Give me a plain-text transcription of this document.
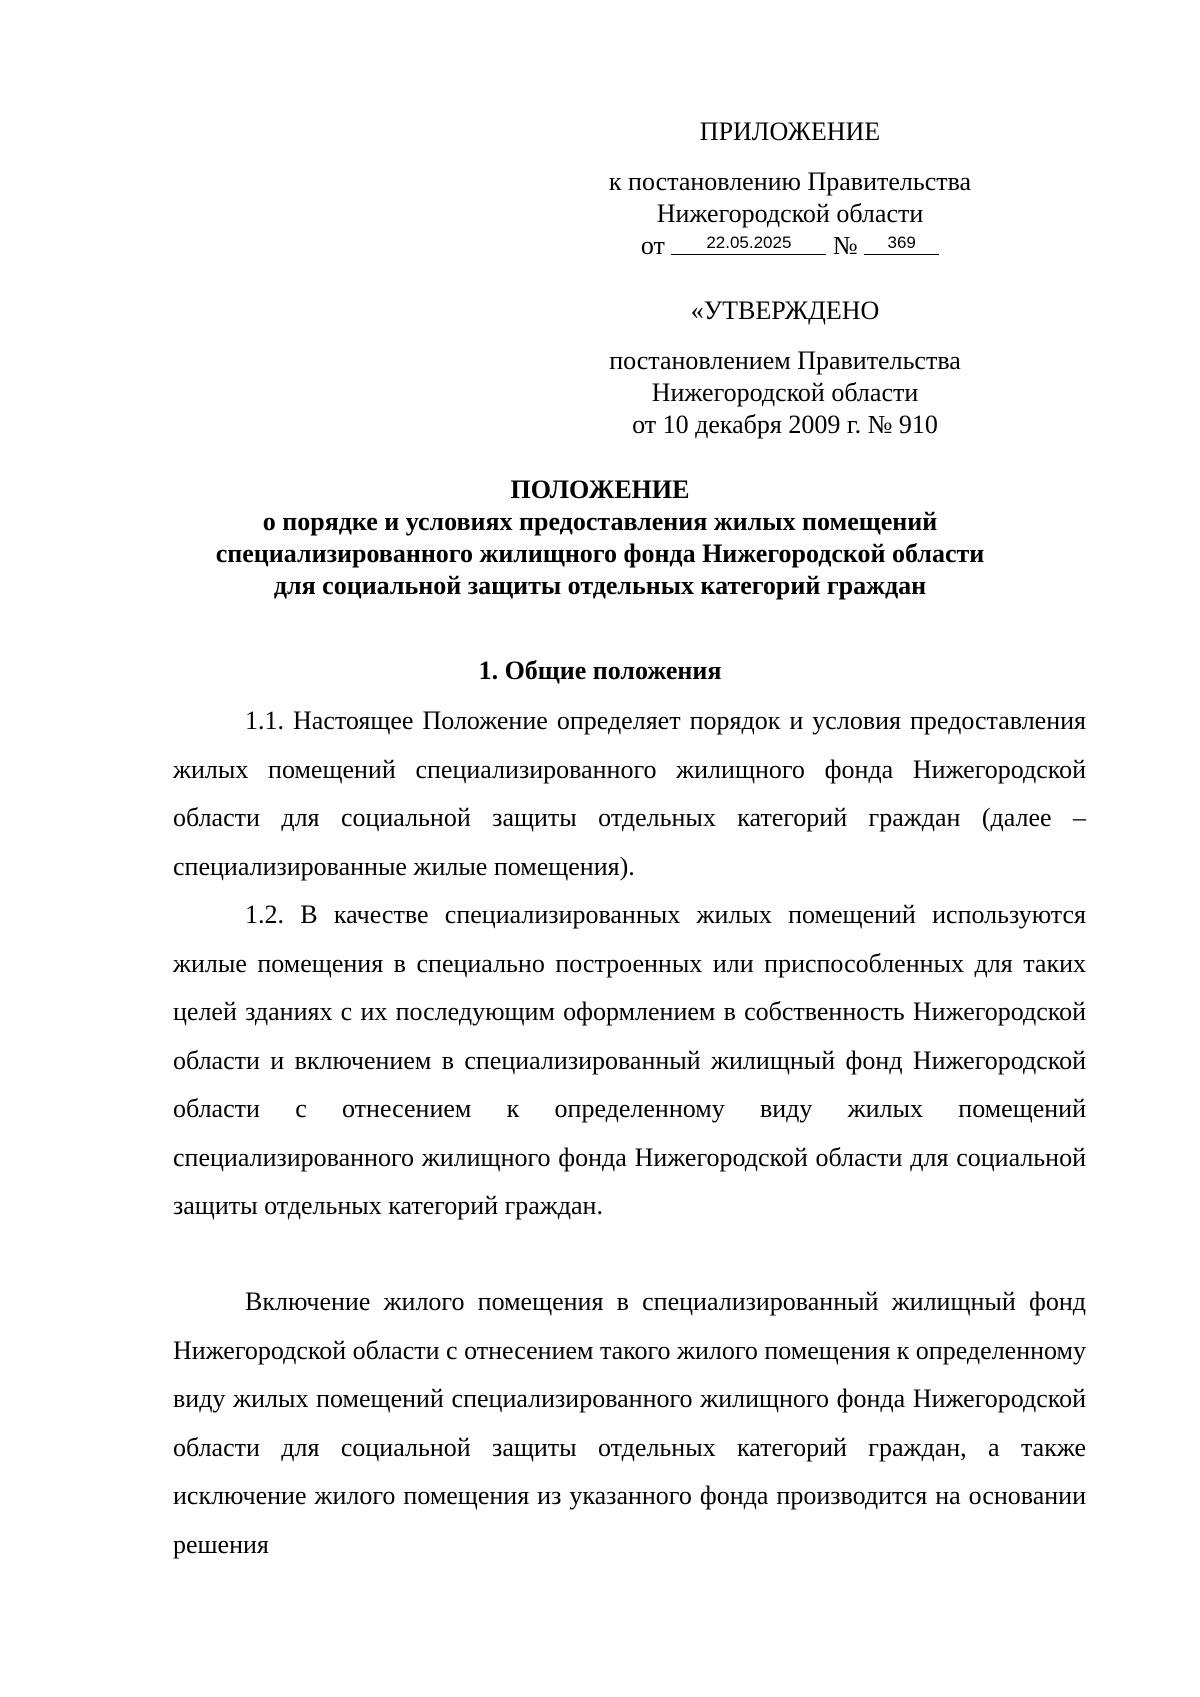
ПРИЛОЖЕНИЕ
к постановлению Правительства
Нижегородской области
от 22.05.2025 № 369
«УТВЕРЖДЕНО
постановлением Правительства
Нижегородской области
от 10 декабря 2009 г. № 910
ПОЛОЖЕНИЕ
о порядке и условиях предоставления жилых помещений
специализированного жилищного фонда Нижегородской области
для социальной защиты отдельных категорий граждан
1. Общие положения

1.1. Настоящее Положение определяет порядок и условия предоставления жилых помещений специализированного жилищного фонда Нижегородской области для социальной защиты отдельных категорий граждан (далее – специализированные жилые помещения).

1.2. В качестве специализированных жилых помещений используются жилые помещения в специально построенных или приспособленных для таких целей зданиях с их последующим оформлением в собственность Нижегородской области и включением в специализированный жилищный фонд Нижегородской области с отнесением к определенному виду жилых помещений специализированного жилищного фонда Нижегородской области для социальной защиты отдельных категорий граждан.

Включение жилого помещения в специализированный жилищный фонд Нижегородской области с отнесением такого жилого помещения к определенному виду жилых помещений специализированного жилищного фонда Нижегородской области для социальной защиты отдельных категорий граждан, а также исключение жилого помещения из указанного фонда производится на основании решения
